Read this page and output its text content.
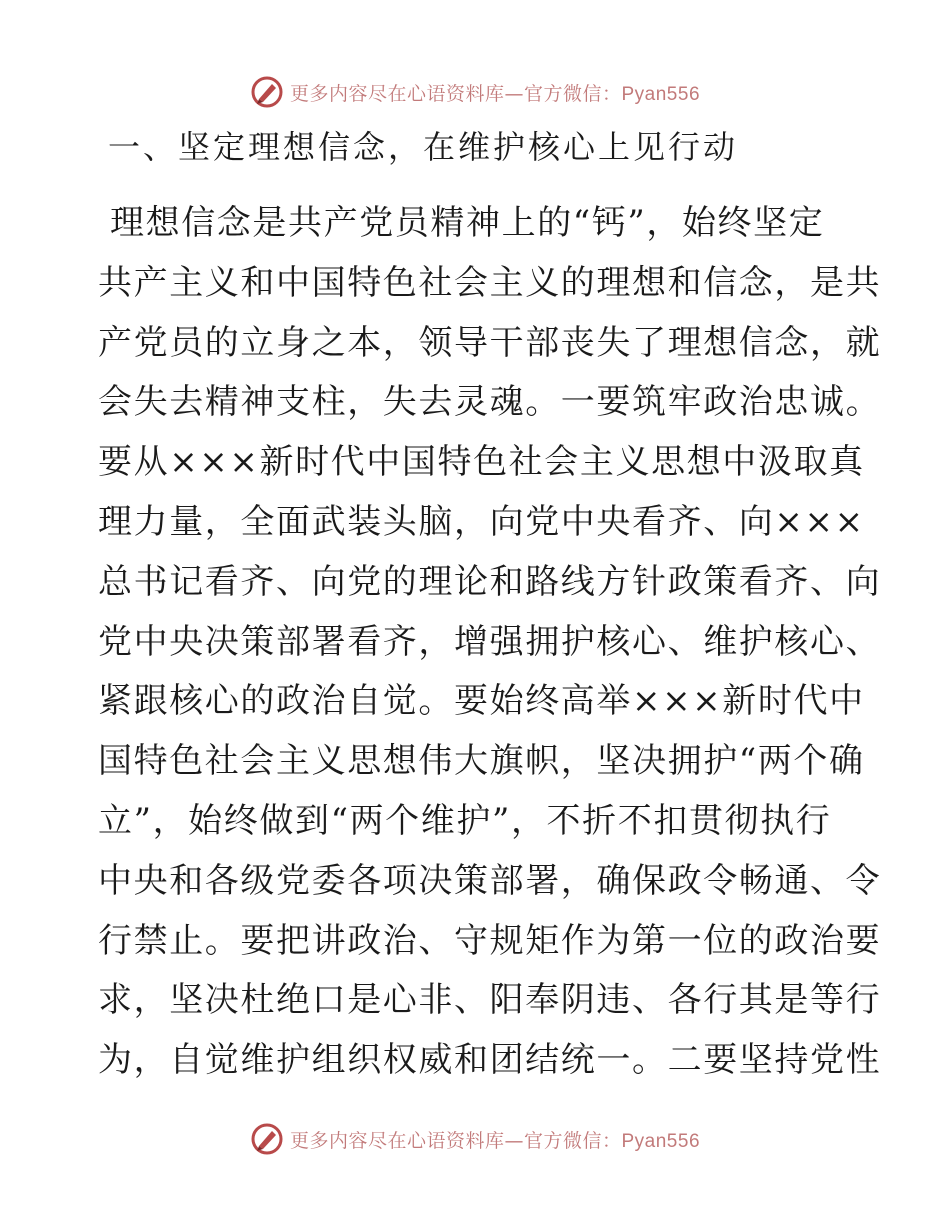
更多内容尽在心语资料库—官方微信：Pyan556
一、坚定理想信念，在维护核心上见行动
理想信念是共产党员精神上的“钙”，始终坚定
共产主义和中国特色社会主义的理想和信念，是共
产党员的立身之本，领导干部丧失了理想信念，就
会失去精神支柱，失去灵魂。一要筑牢政治忠诚。
要从×××新时代中国特色社会主义思想中汲取真
理力量，全面武装头脑，向党中央看齐、向×××
总书记看齐、向党的理论和路线方针政策看齐、向
党中央决策部署看齐，增强拥护核心、维护核心、
紧跟核心的政治自觉。要始终高举×××新时代中
国特色社会主义思想伟大旗帜，坚决拥护“两个确
立”，始终做到“两个维护”，不折不扣贯彻执行
中央和各级党委各项决策部署，确保政令畅通、令
行禁止。要把讲政治、守规矩作为第一位的政治要
求，坚决杜绝口是心非、阳奉阴违、各行其是等行
为，自觉维护组织权威和团结统一。二要坚持党性
更多内容尽在心语资料库—官方微信：Pyan556
